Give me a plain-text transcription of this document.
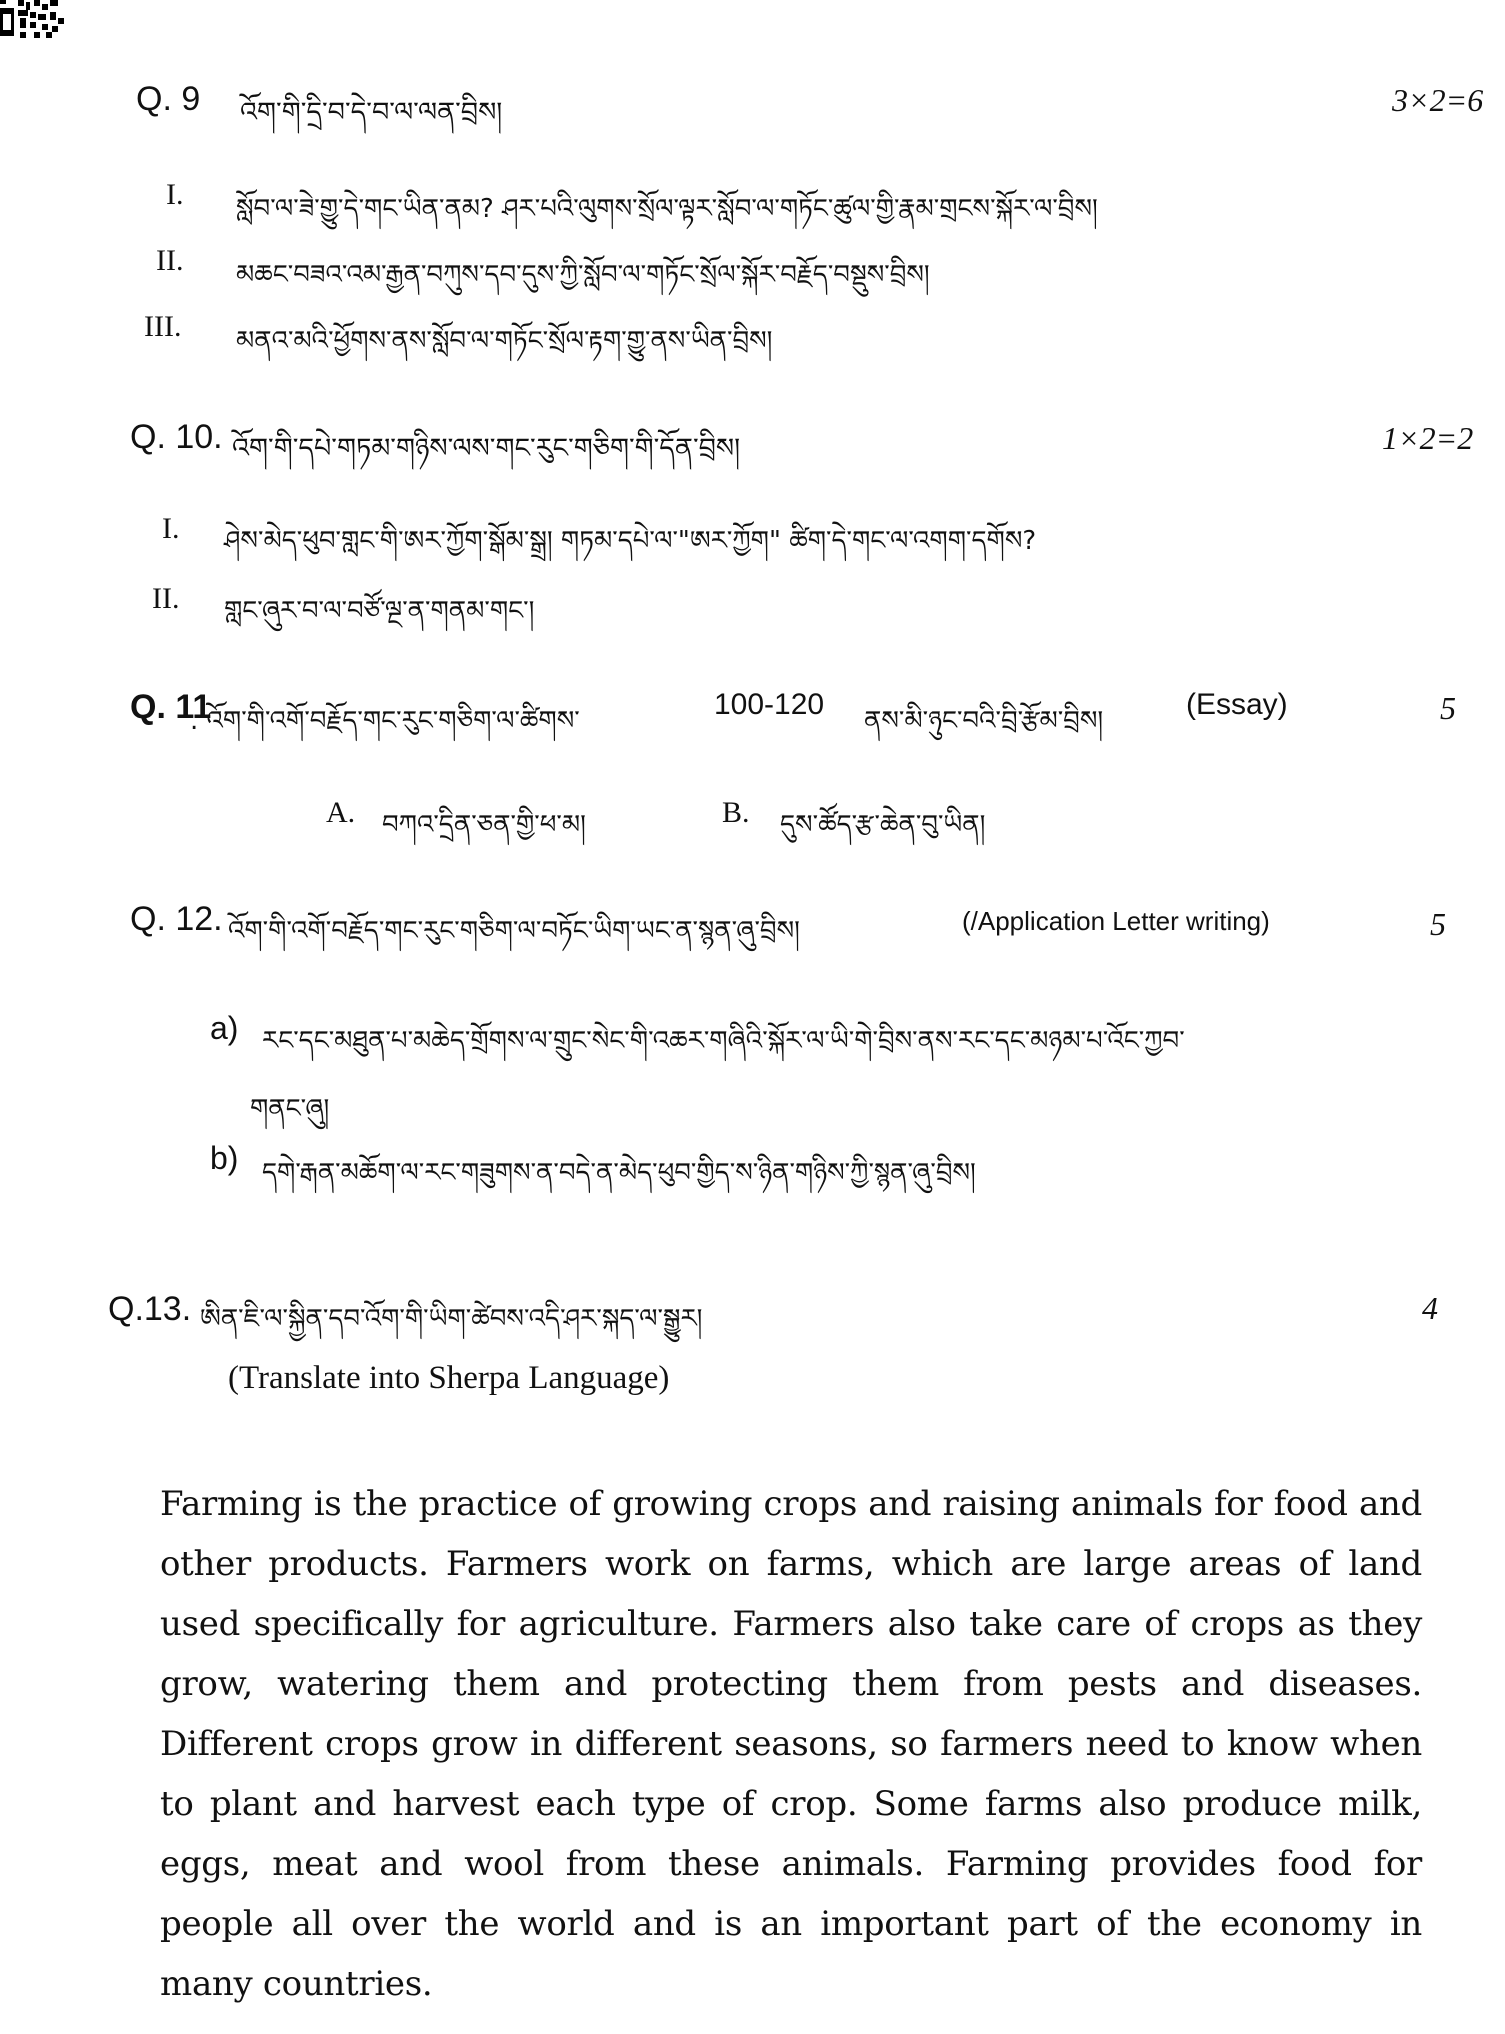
Q. 9 འོག་གི་དྲི་བ་དེ་བ་ལ་ལན་བྲིས།	3×2=6
I. སློབ་ལ་ཟེ་གྱུ་དེ་གང་ཡིན་ནམ? ཤར་པའི་ལུགས་སྲོལ་ལྟར་སློབ་ལ་གཏོང་ཚུལ་གྱི་རྣམ་གྲངས་སྐོར་ལ་བྲིས།
II. མཆང་བཟའ་འམ་རྒྱན་བཀུས་དབ་དུས་ཀྱི་སློབ་ལ་གཏོང་སྲོལ་སྐོར་བརྗོད་བསྡུས་བྲིས།
III. མནའ་མའི་ཕྱོགས་ནས་སློབ་ལ་གཏོང་སྲོལ་རྟག་གྱུ་ནས་ཡིན་བྲིས།
Q. 10. འོག་གི་དཔེ་གཏམ་གཉིས་ལས་གང་རུང་གཅིག་གི་དོན་བྲིས།	1×2=2
I. ཤེས་མེད་ཕུབ་གླང་གི་ཨར་ཀྱོག་སྒོམ་སྒྲ། གཏམ་དཔེ་ལ་"ཨར་ཀྱོག" ཚིག་དེ་གང་ལ་འགག་དགོས?
II. གླང་ཞུར་བ་ལ་བཙོ་ལྔ་ན་གནམ་གང་།
Q. 11
. འོག་གི་འགོ་བརྗོད་གང་རུང་གཅིག་ལ་ཚིགས་	100-120 ནས་མི་ཉུང་བའི་བྲི་རྩོམ་བྲིས།	(Essay)	5
A. བཀའ་དྲིན་ཅན་གྱི་ཕ་མ།	B. དུས་ཚོད་རྩ་ཆེན་བུ་ཡིན།
Q. 12. འོག་གི་འགོ་བརྗོད་གང་རུང་གཅིག་ལ་བཏོང་ཡིག་ཡང་ན་སྙན་ཞུ་བྲིས།	(/Application Letter writing)	5
a) རང་དང་མཐུན་པ་མཆེད་གྲོགས་ལ་གྲུང་སེང་གི་འཆར་གཞིའི་སྐོར་ལ་ཡི་གེ་བྲིས་ནས་རང་དང་མཉམ་པ་འོང་ཀྱབ་
གནང་ཞུ།
b) དགེ་རྒན་མཆོག་ལ་རང་གཟུགས་ན་བདེ་ན་མེད་ཕུབ་གྱིད་ས་ཉིན་གཉིས་ཀྱི་སྙན་ཞུ་བྲིས།
Q.13. ཨིན་ཇི་ལ་སྐྱིན་དབ་འོག་གི་ཡིག་ཚེབས་འདི་ཤར་སྐད་ལ་སྒྱུར།	4
(Translate into Sherpa Language)

Farming is the practice of growing crops and raising animals for food and other products. Farmers work on farms, which are large areas of land used specifically for agriculture. Farmers also take care of crops as they grow, watering them and protecting them from pests and diseases. Different crops grow in different seasons, so farmers need to know when to plant and harvest each type of crop. Some farms also produce milk, eggs, meat and wool from these animals. Farming provides food for people all over the world and is an important part of the economy in many countries.
